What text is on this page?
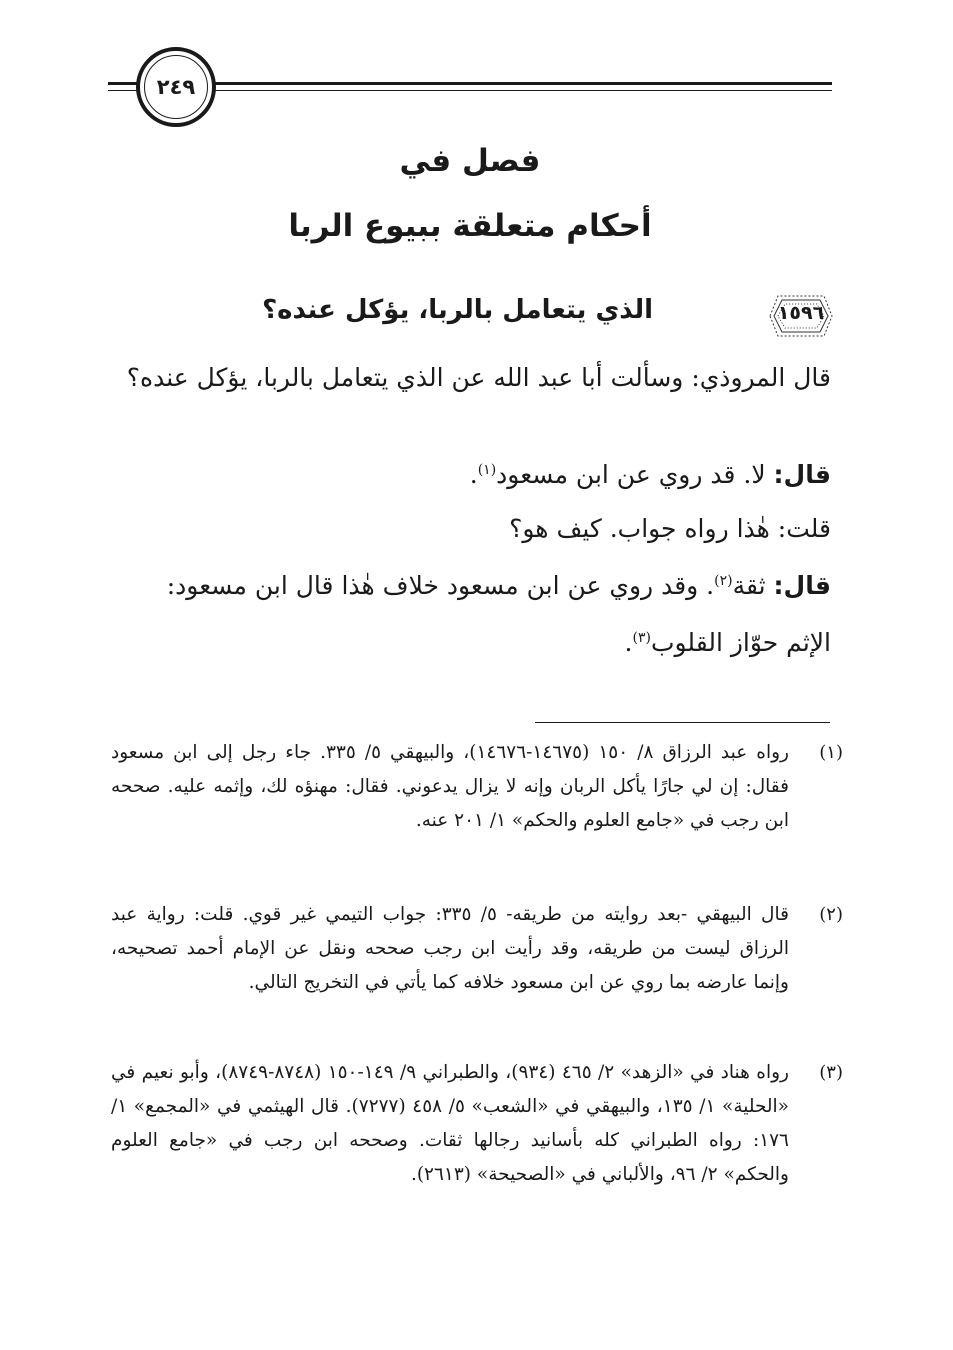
٢٤٩
فصل في
أحكام متعلقة ببيوع الربا
١٥٩٦
الذي يتعامل بالربا، يؤكل عنده؟
قال المروذي: وسألت أبا عبد الله عن الذي يتعامل بالربا، يؤكل عنده؟
قال: لا. قد روي عن ابن مسعود$^{(١)}$.
قلت: هٰذا رواه جواب. كيف هو؟
قال: ثقة$^{(٢)}$. وقد روي عن ابن مسعود خلاف هٰذا قال ابن مسعود:
الإثم حوّاز القلوب$^{(٣)}$.
(١)
رواه عبد الرزاق ٨/ ١٥٠ (١٤٦٧٥-١٤٦٧٦)، والبيهقي ٥/ ٣٣٥. جاء رجل إلى ابن مسعود فقال: إن لي جارًا يأكل الربان وإنه لا يزال يدعوني. فقال: مهنؤه لك، وإثمه عليه. صححه ابن رجب في «جامع العلوم والحكم» ١/ ٢٠١ عنه.
(٢)
قال البيهقي -بعد روايته من طريقه- ٥/ ٣٣٥: جواب التيمي غير قوي. قلت: رواية عبد الرزاق ليست من طريقه، وقد رأيت ابن رجب صححه ونقل عن الإمام أحمد تصحيحه، وإنما عارضه بما روي عن ابن مسعود خلافه كما يأتي في التخريج التالي.
(٣)
رواه هناد في «الزهد» ٢/ ٤٦٥ (٩٣٤)، والطبراني ٩/ ١٤٩-١٥٠ (٨٧٤٨-٨٧٤٩)، وأبو نعيم في «الحلية» ١/ ١٣٥، والبيهقي في «الشعب» ٥/ ٤٥٨ (٧٢٧٧). قال الهيثمي في «المجمع» ١/ ١٧٦: رواه الطبراني كله بأسانيد رجالها ثقات. وصححه ابن رجب في «جامع العلوم والحكم» ٢/ ٩٦، والألباني في «الصحيحة» (٢٦١٣).
